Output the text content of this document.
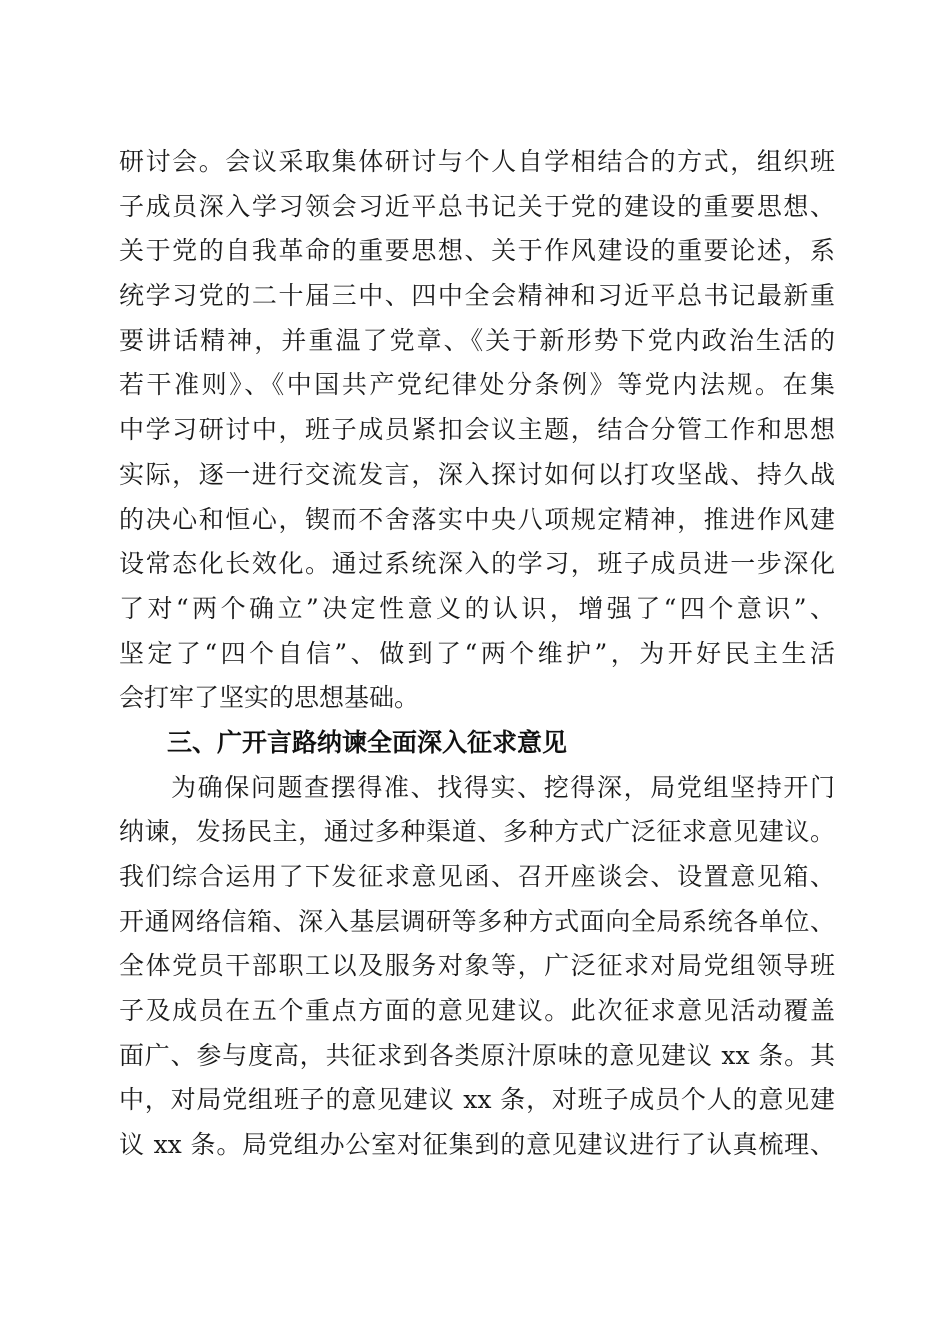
研讨会。会议采取集体研讨与个人自学相结合的方式，组织班
子成员深入学习领会习近平总书记关于党的建设的重要思想、
关于党的自我革命的重要思想、关于作风建设的重要论述，系
统学习党的二十届三中、四中全会精神和习近平总书记最新重
要讲话精神，并重温了党章、《关于新形势下党内政治生活的
若干准则》、《中国共产党纪律处分条例》等党内法规。在集
中学习研讨中，班子成员紧扣会议主题，结合分管工作和思想
实际，逐一进行交流发言，深入探讨如何以打攻坚战、持久战
的决心和恒心，锲而不舍落实中央八项规定精神，推进作风建
设常态化长效化。通过系统深入的学习，班子成员进一步深化
了对“两个确立”决定性意义的认识，增强了“四个意识”、
坚定了“四个自信”、做到了“两个维护”，为开好民主生活
会打牢了坚实的思想基础。
三、广开言路纳谏全面深入征求意见
为确保问题查摆得准、找得实、挖得深，局党组坚持开门
纳谏，发扬民主，通过多种渠道、多种方式广泛征求意见建议。
我们综合运用了下发征求意见函、召开座谈会、设置意见箱、
开通网络信箱、深入基层调研等多种方式面向全局系统各单位、
全体党员干部职工以及服务对象等，广泛征求对局党组领导班
子及成员在五个重点方面的意见建议。此次征求意见活动覆盖
面广、参与度高，共征求到各类原汁原味的意见建议 xx 条。其
中，对局党组班子的意见建议 xx 条，对班子成员个人的意见建
议 xx 条。局党组办公室对征集到的意见建议进行了认真梳理、
